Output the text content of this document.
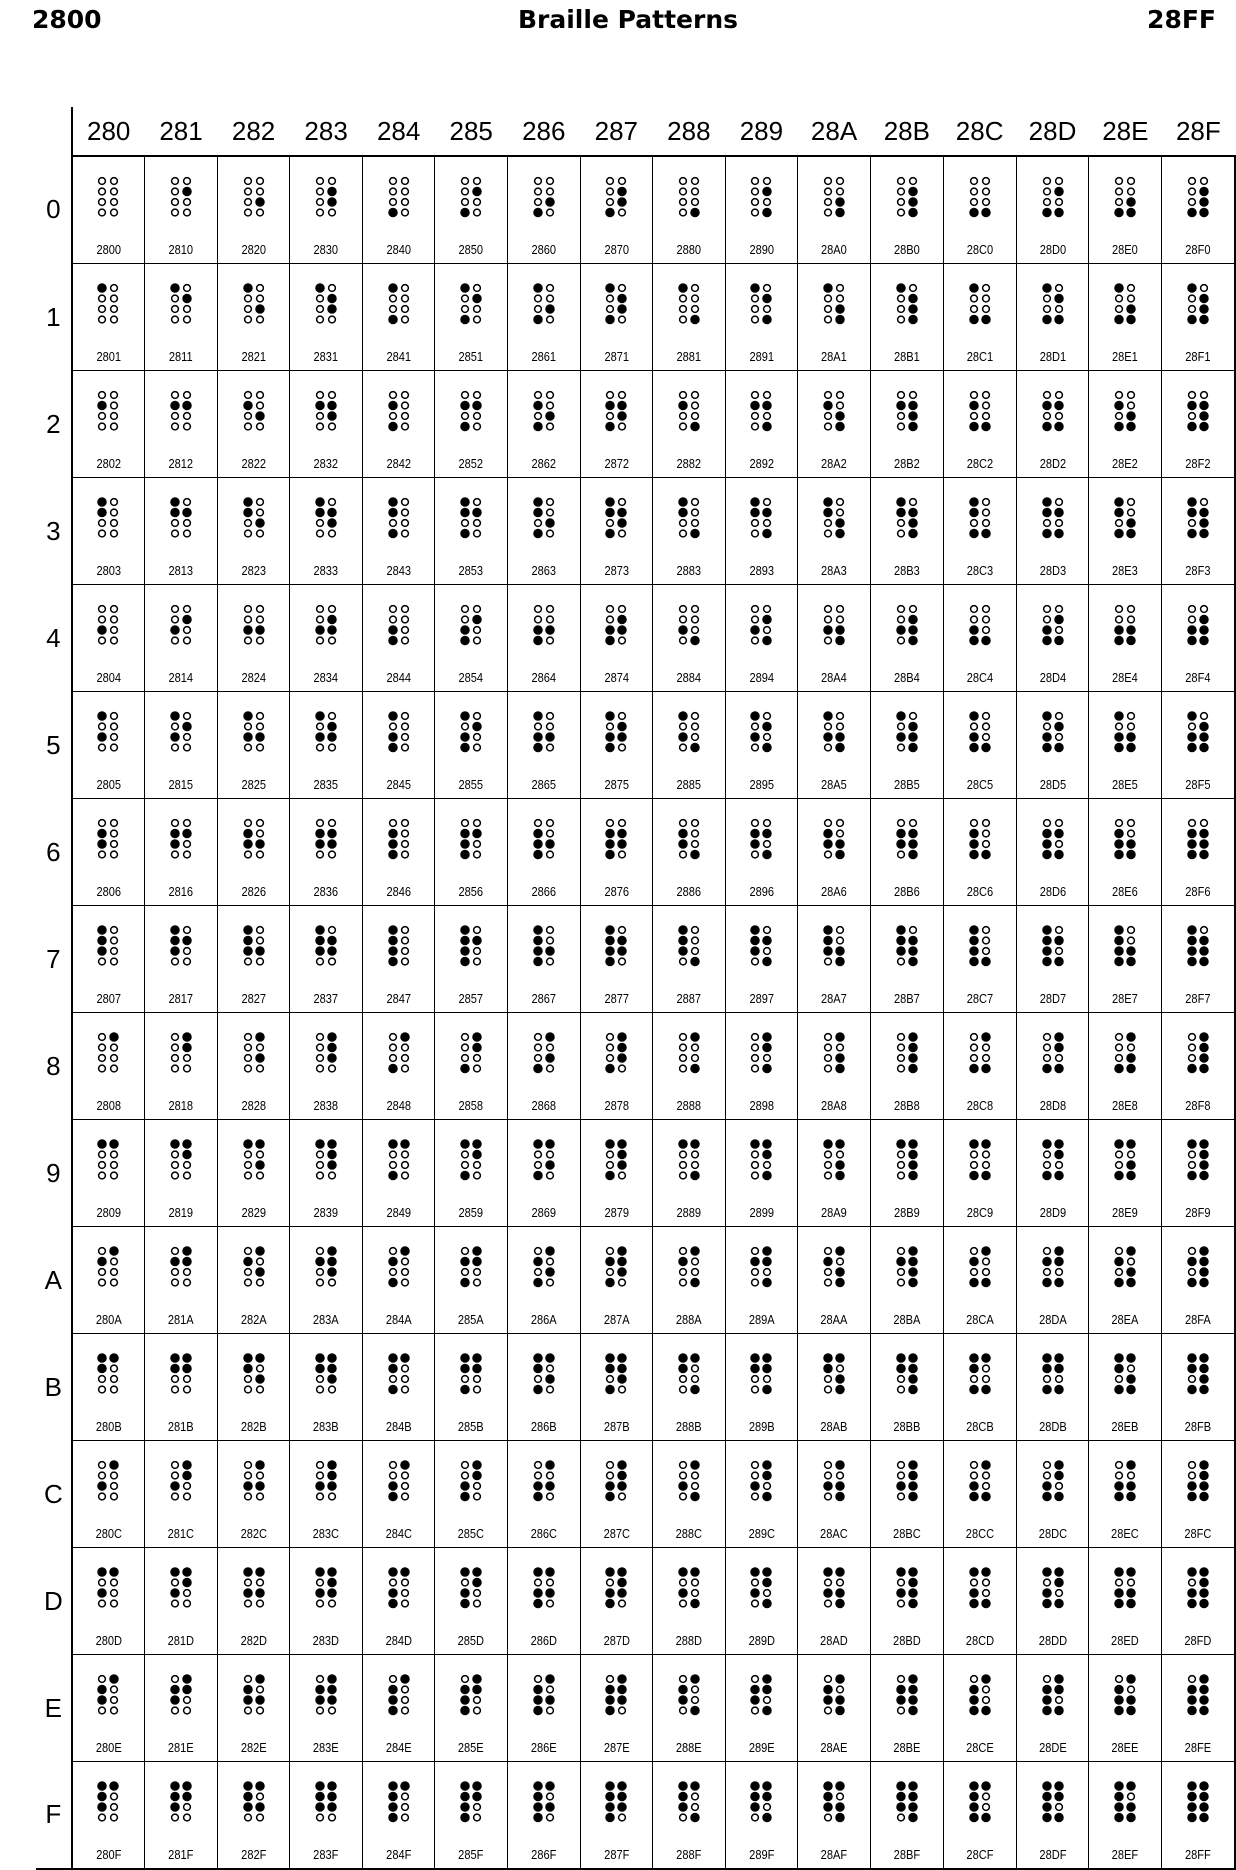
2800	Braille Patterns	28FF
	280	281	282	283	284	285	286	287	288	289	28A	28B	28C	28D	28E	28F
0	2800	2810	2820	2830	2840	2850	2860	2870	2880	2890	28A0	28B0	28C0	28D0	28E0	28F0

1	2801	2811	2821	2831	2841	2851	2861	2871	2881	2891	28A1	28B1	28C1	28D1	28E1	28F1

2	2802	2812	2822	2832	2842	2852	2862	2872	2882	2892	28A2	28B2	28C2	28D2	28E2	28F2

3	2803	2813	2823	2833	2843	2853	2863	2873	2883	2893	28A3	28B3	28C3	28D3	28E3	28F3

4	2804	2814	2824	2834	2844	2854	2864	2874	2884	2894	28A4	28B4	28C4	28D4	28E4	28F4

5	2805	2815	2825	2835	2845	2855	2865	2875	2885	2895	28A5	28B5	28C5	28D5	28E5	28F5

6	2806	2816	2826	2836	2846	2856	2866	2876	2886	2896	28A6	28B6	28C6	28D6	28E6	28F6

7	2807	2817	2827	2837	2847	2857	2867	2877	2887	2897	28A7	28B7	28C7	28D7	28E7	28F7

8	2808	2818	2828	2838	2848	2858	2868	2878	2888	2898	28A8	28B8	28C8	28D8	28E8	28F8

9	2809	2819	2829	2839	2849	2859	2869	2879	2889	2899	28A9	28B9	28C9	28D9	28E9	28F9

A	280A	281A	282A	283A	284A	285A	286A	287A	288A	289A	28AA	28BA	28CA	28DA	28EA	28FA

B	280B	281B	282B	283B	284B	285B	286B	287B	288B	289B	28AB	28BB	28CB	28DB	28EB	28FB

C	280C	281C	282C	283C	284C	285C	286C	287C	288C	289C	28AC	28BC	28CC	28DC	28EC	28FC

D	280D	281D	282D	283D	284D	285D	286D	287D	288D	289D	28AD	28BD	28CD	28DD	28ED	28FD

E	280E	281E	282E	283E	284E	285E	286E	287E	288E	289E	28AE	28BE	28CE	28DE	28EE	28FE

F	280F	281F	282F	283F	284F	285F	286F	287F	288F	289F	28AF	28BF	28CF	28DF	28EF	28FF
